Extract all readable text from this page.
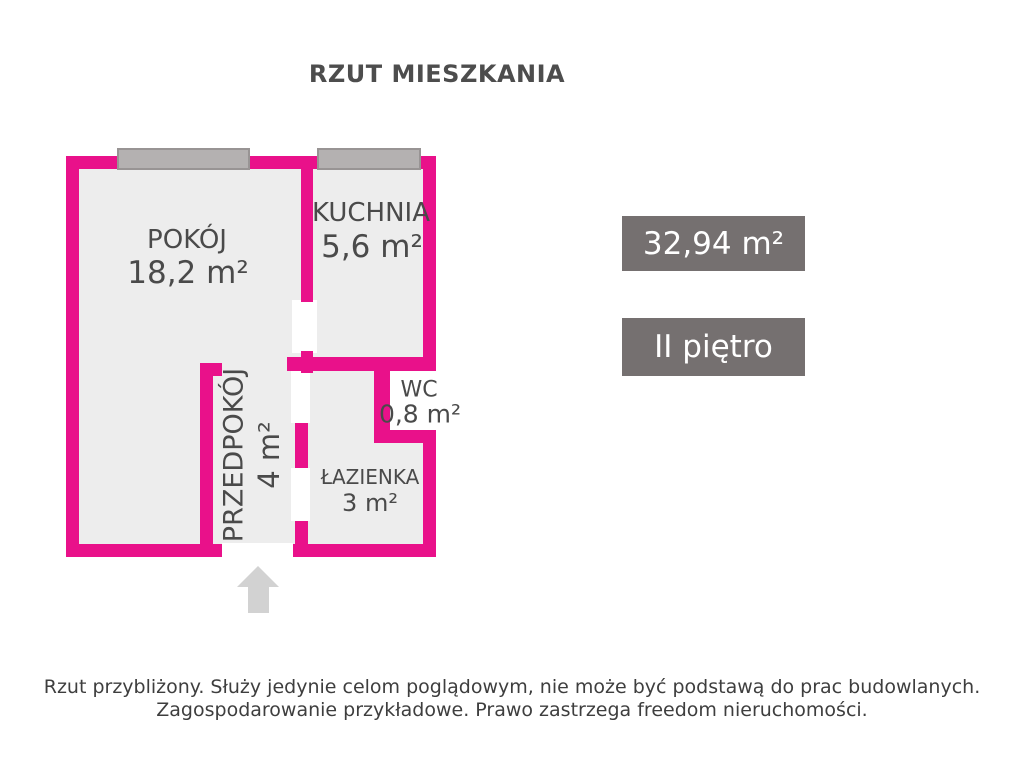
RZUT MIESZKANIA
POKÓJ
18,2 m²
KUCHNIA
5,6 m²
WC
0,8 m²
ŁAZIENKA
3 m²
PRZEDPOKÓJ 4 m²
32,94 m²
II piętro
Rzut przybliżony. Służy jedynie celom poglądowym, nie może być podstawą do prac budowlanych.
Zagospodarowanie przykładowe. Prawo zastrzega freedom nieruchomości.
